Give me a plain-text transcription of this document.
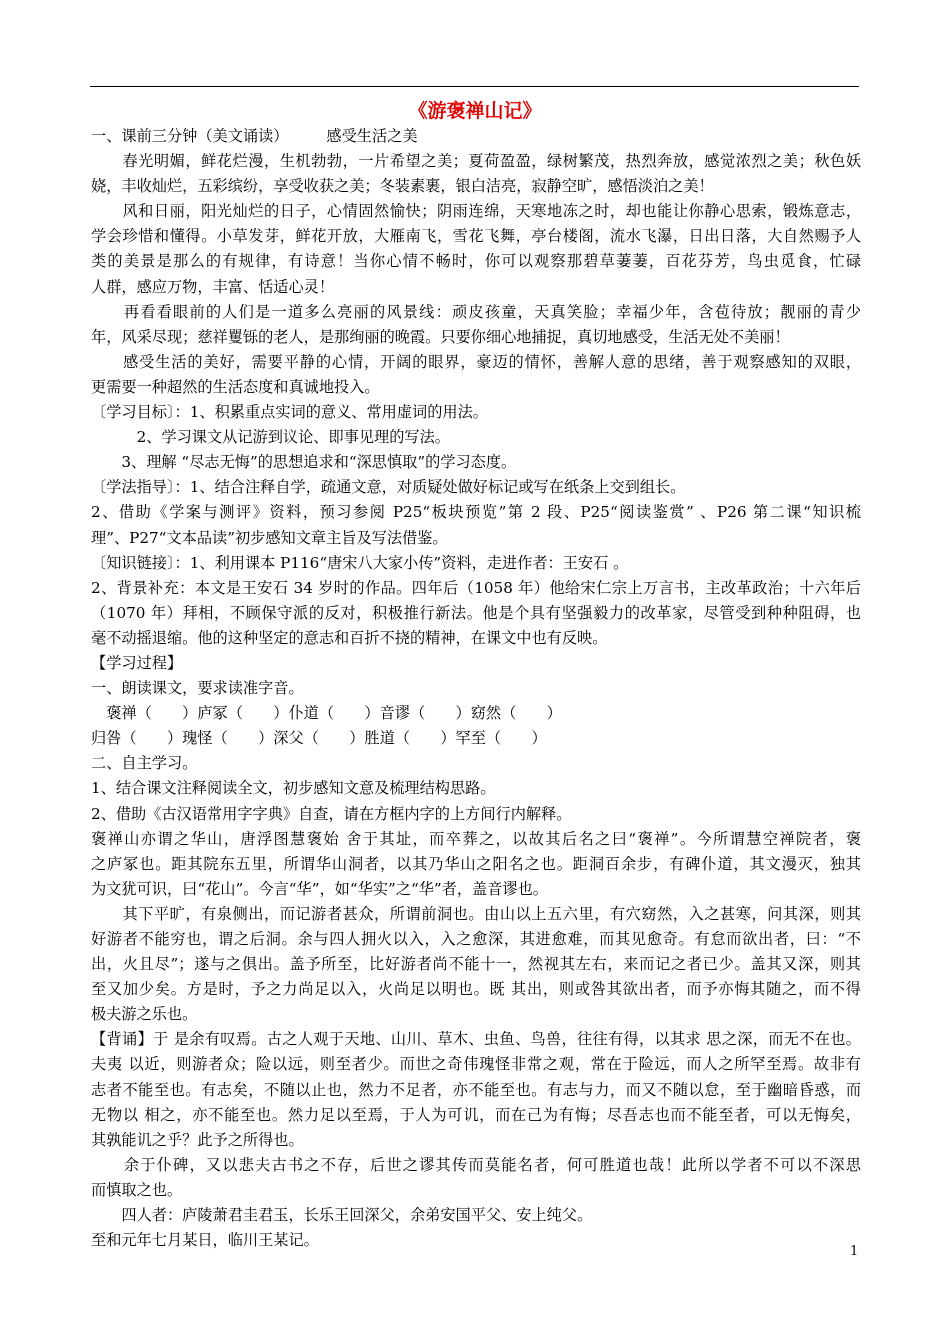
《游褒禅山记》
一、课前三分钟（美文诵读）　　　感受生活之美
　　春光明媚，鲜花烂漫，生机勃勃，一片希望之美；夏荷盈盈，绿树繁茂，热烈奔放，感觉浓烈之美；秋色妖
娆，丰收灿烂，五彩缤纷，享受收获之美；冬装素裹，银白洁亮，寂静空旷，感悟淡泊之美！
　　风和日丽，阳光灿烂的日子，心情固然愉快；阴雨连绵，天寒地冻之时，却也能让你静心思索，锻炼意志，
学会珍惜和懂得。小草发芽，鲜花开放，大雁南飞，雪花飞舞，亭台楼阁，流水飞瀑，日出日落，大自然赐予人
类的美景是那么的有规律，有诗意！当你心情不畅时，你可以观察那碧草萋萋，百花芬芳，鸟虫觅食，忙碌
人群，感应万物，丰富、恬适心灵！
　　再看看眼前的人们是一道多么亮丽的风景线：顽皮孩童，天真笑脸；幸福少年，含苞待放；靓丽的青少
年，风采尽现；慈祥矍铄的老人，是那绚丽的晚霞。只要你细心地捕捉，真切地感受，生活无处不美丽！
　　感受生活的美好，需要平静的心情，开阔的眼界，豪迈的情怀，善解人意的思绪，善于观察感知的双眼，
更需要一种超然的生活态度和真诚地投入。
〔学习目标〕：1、积累重点实词的意义、常用虚词的用法。
　　　2、学习课文从记游到议论、即事见理的写法。
　　3、理解 “尽志无悔”的思想追求和“深思慎取”的学习态度。
〔学法指导〕：1、结合注释自学，疏通文意，对质疑处做好标记或写在纸条上交到组长。
2、借助《学案与测评》资料，预习参阅 P25“板块预览”第 2 段、P25“阅读鉴赏” 、P26 第二课“知识梳
理”、P27“文本品读”初步感知文章主旨及写法借鉴。
〔知识链接〕：1、利用课本 P116“唐宋八大家小传”资料，走进作者：王安石 。
2、背景补充：本文是王安石 34 岁时的作品。四年后（1058 年）他给宋仁宗上万言书，主改革政治；十六年后
（1070 年）拜相，不顾保守派的反对，积极推行新法。他是个具有坚强毅力的改革家，尽管受到种种阻碍，也
毫不动摇退缩。他的这种坚定的意志和百折不挠的精神，在课文中也有反映。
【学习过程】
一、朗读课文，要求读准字音。
　褒禅（　　）庐冢（　　）仆道（　　）音谬（　　）窈然（　　）
归咎（　　）瑰怪（　　）深父（　　）胜道（　　）罕至（　　）
二、自主学习。
1、结合课文注释阅读全文，初步感知文意及梳理结构思路。
2、借助《古汉语常用字字典》自查，请在方框内字的上方间行内解释。
褒禅山亦谓之华山，唐浮图慧褒始 舍于其址，而卒葬之，以故其后名之曰“褒禅”。今所谓慧空禅院者，褒
之庐冢也。距其院东五里，所谓华山洞者，以其乃华山之阳名之也。距洞百余步，有碑仆道，其文漫灭，独其
为文犹可识，曰“花山”。今言“华”，如“华实”之“华”者，盖音谬也。
　　其下平旷，有泉侧出，而记游者甚众，所谓前洞也。由山以上五六里，有穴窈然，入之甚寒，问其深，则其
好游者不能穷也，谓之后洞。余与四人拥火以入，入之愈深，其进愈难，而其见愈奇。有怠而欲出者，曰：“不
出，火且尽”；遂与之俱出。盖予所至，比好游者尚不能十一，然视其左右，来而记之者已少。盖其又深，则其
至又加少矣。方是时，予之力尚足以入，火尚足以明也。既 其出，则或咎其欲出者，而予亦悔其随之，而不得
极夫游之乐也。
【背诵】于 是余有叹焉。古之人观于天地、山川、草木、虫鱼、鸟兽，往往有得，以其求 思之深，而无不在也。
夫夷 以近，则游者众；险以远，则至者少。而世之奇伟瑰怪非常之观，常在于险远，而人之所罕至焉。故非有
志者不能至也。有志矣，不随以止也，然力不足者，亦不能至也。有志与力，而又不随以怠，至于幽暗昏惑，而
无物以 相之，亦不能至也。然力足以至焉，于人为可讥，而在己为有悔；尽吾志也而不能至者，可以无悔矣，
其孰能讥之乎？此予之所得也。
　　余于仆碑，又以悲夫古书之不存，后世之谬其传而莫能名者，何可胜道也哉！此所以学者不可以不深思
而慎取之也。
　　四人者：庐陵萧君圭君玉，长乐王回深父，余弟安国平父、安上纯父。
至和元年七月某日，临川王某记。
1
